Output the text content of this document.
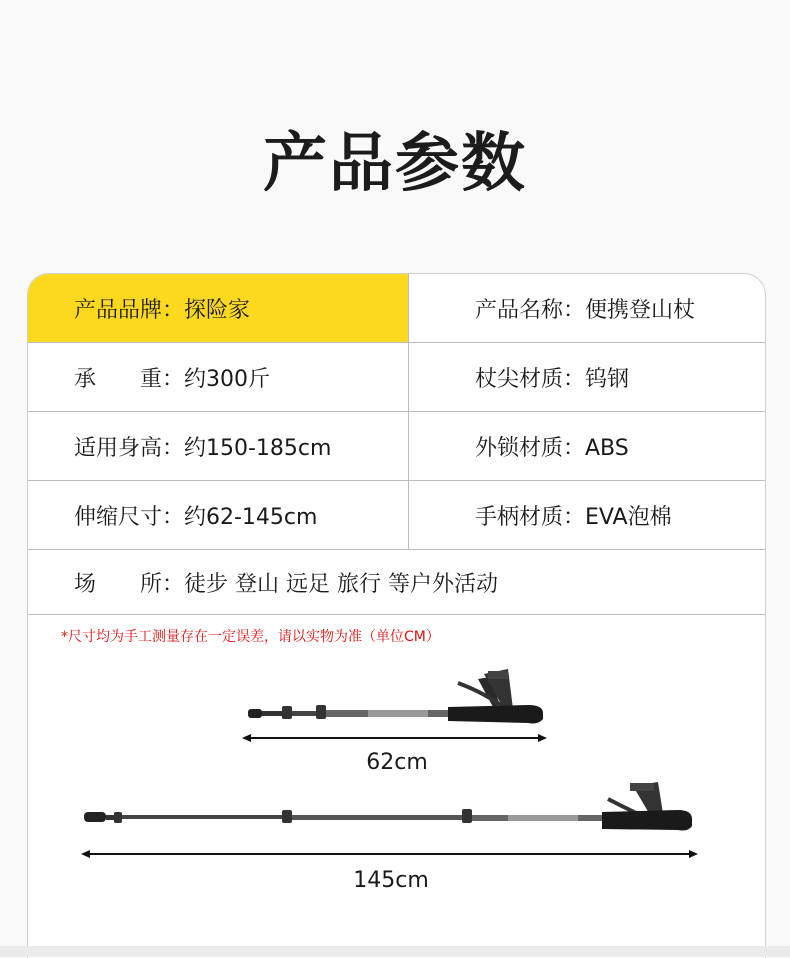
产品参数
产品品牌：探险家	产品名称：便携登山杖
承　　重：约300斤	杖尖材质：钨钢
适用身高：约150-185cm	外锁材质：ABS
伸缩尺寸：约62-145cm	手柄材质：EVA泡棉
场　　所：徒步 登山 远足 旅行 等户外活动
*尺寸均为手工测量存在一定误差，请以实物为准（单位CM）
62cm
145cm
